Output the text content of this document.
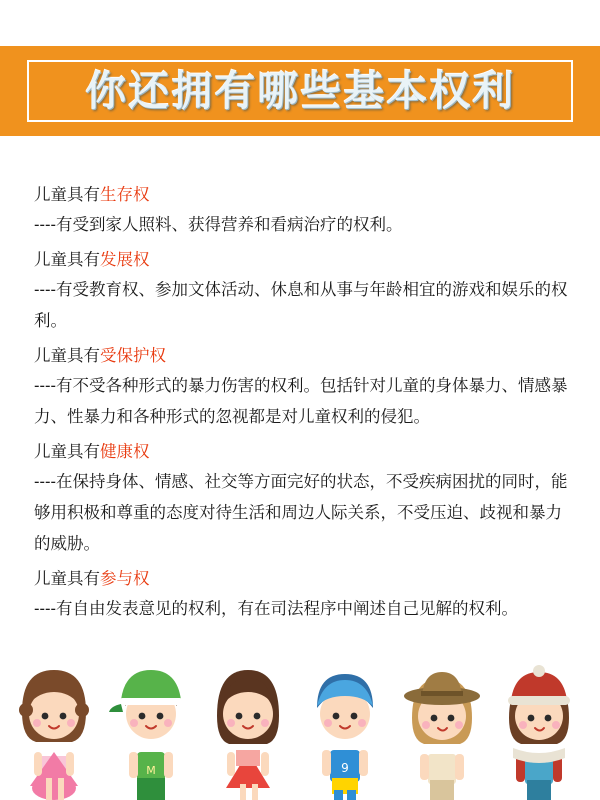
你还拥有哪些基本权利

儿童具有生存权

----有受到家人照料、获得营养和看病治疗的权利。

儿童具有发展权

----有受教育权、参加文体活动、休息和从事与年龄相宜的游戏和娱乐的权利。

儿童具有受保护权

----有不受各种形式的暴力伤害的权利。包括针对儿童的身体暴力、情感暴力、性暴力和各种形式的忽视都是对儿童权利的侵犯。

儿童具有健康权

----在保持身体、情感、社交等方面完好的状态，不受疾病困扰的同时，能够用积极和尊重的态度对待生活和周边人际关系，不受压迫、歧视和暴力的威胁。

儿童具有参与权

----有自由发表意见的权利，有在司法程序中阐述自己见解的权利。

M	9
